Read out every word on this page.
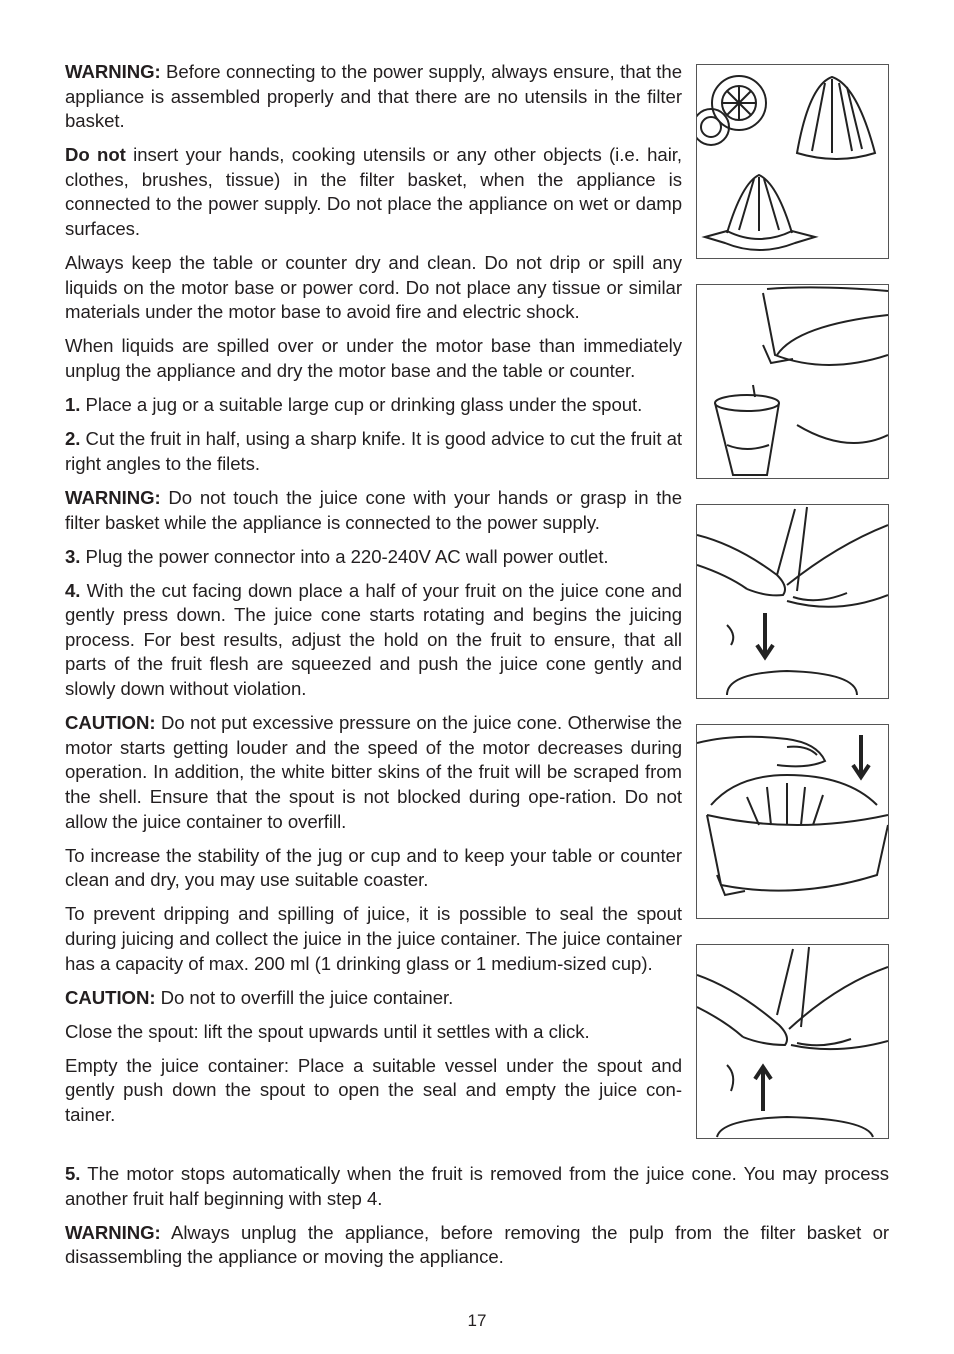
WARNING: Before connecting to the power supply, always ensure, that the appliance is assembled properly and that there are no utensils in the filter basket.

Do not insert your hands, cooking utensils or any other objects (i.e. hair, clothes, brushes, tissue) in the filter basket, when the appliance is connected to the power supply. Do not place the appliance on wet or damp surfaces.

Always keep the table or counter dry and clean. Do not drip or spill any liquids on the motor base or power cord. Do not place any tissue or similar materials under the motor base to avoid fire and electric shock.

When liquids are spilled over or under the motor base than immediately unplug the appliance and dry the motor base and the table or counter.

1. Place a jug or a suitable large cup or drinking glass under the spout.

2. Cut the fruit in half, using a sharp knife. It is good advice to cut the fruit at right angles to the filets.

WARNING: Do not touch the juice cone with your hands or grasp in the filter basket while the appliance is connected to the power supply.

3. Plug the power connector into a 220-240V AC wall power outlet.

4. With the cut facing down place a half of your fruit on the juice cone and gently press down. The juice cone starts rotating and begins the juicing process. For best results, adjust the hold on the fruit to ensure, that all parts of the fruit flesh are squeezed and push the juice cone gently and slowly down without violation.

CAUTION: Do not put excessive pressure on the juice cone. Otherwise the motor starts getting louder and the speed of the motor decreases during operation. In addition, the white bitter skins of the fruit will be scraped from the shell. Ensure that the spout is not blocked during ope-ration. Do not allow the juice container to overfill.

To increase the stability of the jug or cup and to keep your table or counter clean and dry, you may use suitable coaster.

To prevent dripping and spilling of juice, it is possible to seal the spout during juicing and collect the juice in the juice container. The juice container has a capacity of max. 200 ml (1 drinking glass or 1 medium-sized cup).

CAUTION: Do not to overfill the juice container.

Close the spout: lift the spout upwards until it settles with a click.

Empty the juice container: Place a suitable vessel under the spout and gently push down the spout to open the seal and empty the juice con-tainer.

5. The motor stops automatically when the fruit is removed from the juice cone. You may process another fruit half beginning with step 4.

WARNING: Always unplug the appliance, before removing the pulp from the filter basket or disassembling the appliance or moving the appliance.

17
